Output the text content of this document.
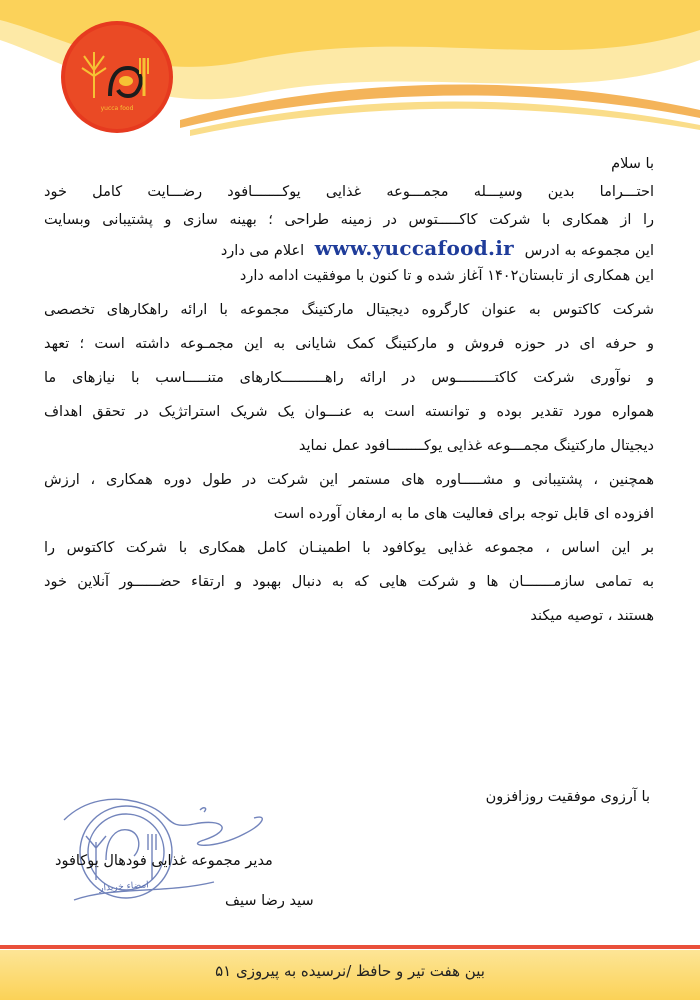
yucca food
با سلام
احتـــراما بدین وسیـــله مجمـــوعه غذایی یوکـــــــافود رضـــایت کامل خود
را از همکاری با شرکت کاکـــــتوس در زمینه طراحی ؛ بهینه سازی و پشتیبانی وبسایت
این مجموعه به ادرس www.yuccafood.ir اعلام می دارد
این همکاری از تابستان۱۴۰۲ آغاز شده و تا کنون با موفقیت ادامه دارد
شرکت کاکتوس به عنوان کارگروه دیجیتال مارکتینگ مجموعه با ارائه راهکارهای تخصصی
و حرفه ای در حوزه فروش و مارکتینگ کمک شایانی به این مجمـوعه داشته است ؛ تعهد
و نوآوری شرکت کاکتـــــــــوس در ارائه راهــــــــــکارهای متنـــــاسب با نیازهای ما
همواره مورد تقدیر بوده و توانسته است به عنـــوان یک شریک استراتژیک در تحقق اهداف
دیجیتال مارکتینگ مجمـــوعه غذایی یوکــــــــافود عمل نماید
همچنین ، پشتیبانی و مشـــــاوره های مستمر این شرکت در طول دوره همکاری ، ارزش
افزوده ای قابل توجه برای فعالیت های ما به ارمغان آورده است
بر این اساس ، مجموعه غذایی یوکافود با اطمینـان کامل همکاری با شرکت کاکتوس را
به تمامی سازمـــــــان ها و شرکت هایی که به دنبال بهبود و ارتقاء حضــــــور آنلاین خود
هستند ، توصیه میکند
با آرزوی موفقیت روزافزون
امضاء خریدار
مدیر مجموعه غذایی فودهال یوکافود
سید رضا سیف
بین هفت تیر و حافظ /نرسیده به پیروزی ۵۱
